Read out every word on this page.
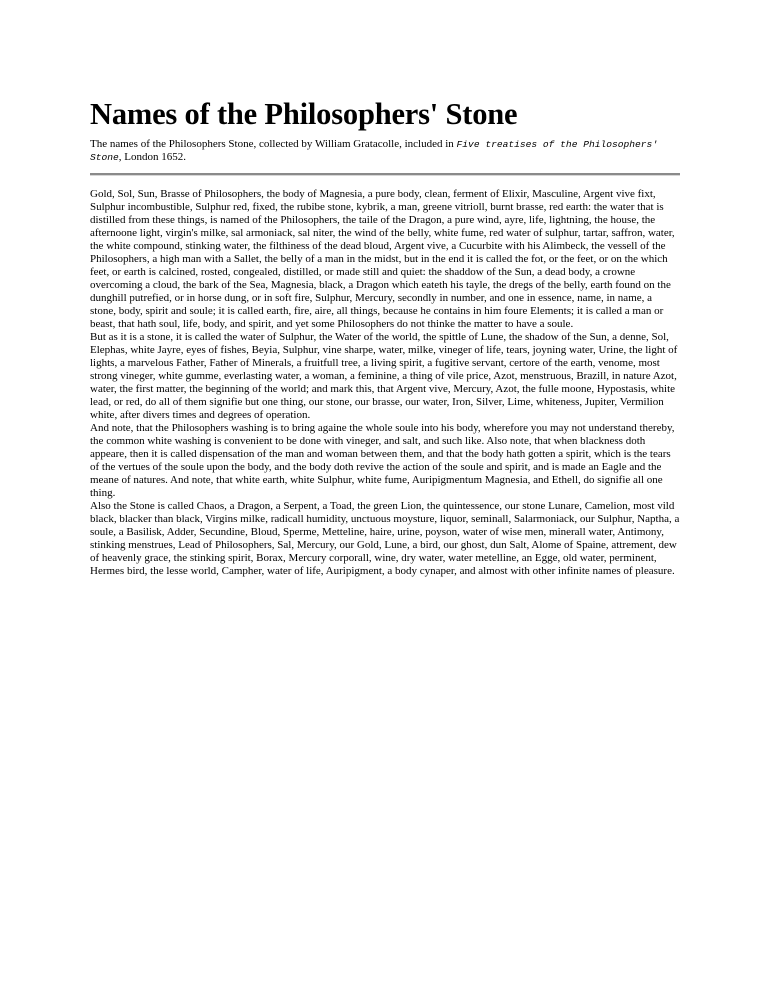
Names of the Philosophers' Stone

The names of the Philosophers Stone, collected by William Gratacolle, included in Five treatises of the Philosophers' Stone, London 1652.

Gold, Sol, Sun, Brasse of Philosophers, the body of Magnesia, a pure body, clean, ferment of Elixir, Masculine, Argent vive fixt, Sulphur incombustible, Sulphur red, fixed, the rubibe stone, kybrik, a man, greene vitrioll, burnt brasse, red earth: the water that is distilled from these things, is named of the Philosophers, the taile of the Dragon, a pure wind, ayre, life, lightning, the house, the afternoone light, virgin's milke, sal armoniack, sal niter, the wind of the belly, white fume, red water of sulphur, tartar, saffron, water, the white compound, stinking water, the filthiness of the dead bloud, Argent vive, a Cucurbite with his Alimbeck, the vessell of the Philosophers, a high man with a Sallet, the belly of a man in the midst, but in the end it is called the fot, or the feet, or on the which feet, or earth is calcined, rosted, congealed, distilled, or made still and quiet: the shaddow of the Sun, a dead body, a crowne overcoming a cloud, the bark of the Sea, Magnesia, black, a Dragon which eateth his tayle, the dregs of the belly, earth found on the dunghill putrefied, or in horse dung, or in soft fire, Sulphur, Mercury, secondly in number, and one in essence, name, in name, a stone, body, spirit and soule; it is called earth, fire, aire, all things, because he contains in him foure Elements; it is called a man or beast, that hath soul, life, body, and spirit, and yet some Philosophers do not thinke the matter to have a soule.

But as it is a stone, it is called the water of Sulphur, the Water of the world, the spittle of Lune, the shadow of the Sun, a denne, Sol, Elephas, white Jayre, eyes of fishes, Beyia, Sulphur, vine sharpe, water, milke, vineger of life, tears, joyning water, Urine, the light of lights, a marvelous Father, Father of Minerals, a fruitfull tree, a living spirit, a fugitive servant, certore of the earth, venome, most strong vineger, white gumme, everlasting water, a woman, a feminine, a thing of vile price, Azot, menstruous, Brazill, in nature Azot, water, the first matter, the beginning of the world; and mark this, that Argent vive, Mercury, Azot, the fulle moone, Hypostasis, white lead, or red, do all of them signifie but one thing, our stone, our brasse, our water, Iron, Silver, Lime, whiteness, Jupiter, Vermilion white, after divers times and degrees of operation.

And note, that the Philosophers washing is to bring againe the whole soule into his body, wherefore you may not understand thereby, the common white washing is convenient to be done with vineger, and salt, and such like. Also note, that when blackness doth appeare, then it is called dispensation of the man and woman between them, and that the body hath gotten a spirit, which is the tears of the vertues of the soule upon the body, and the body doth revive the action of the soule and spirit, and is made an Eagle and the meane of natures. And note, that white earth, white Sulphur, white fume, Auripigmentum Magnesia, and Ethell, do signifie all one thing.

Also the Stone is called Chaos, a Dragon, a Serpent, a Toad, the green Lion, the quintessence, our stone Lunare, Camelion, most vild black, blacker than black, Virgins milke, radicall humidity, unctuous moysture, liquor, seminall, Salarmoniack, our Sulphur, Naptha, a soule, a Basilisk, Adder, Secundine, Bloud, Sperme, Metteline, haire, urine, poyson, water of wise men, minerall water, Antimony, stinking menstrues, Lead of Philosophers, Sal, Mercury, our Gold, Lune, a bird, our ghost, dun Salt, Alome of Spaine, attrement, dew of heavenly grace, the stinking spirit, Borax, Mercury corporall, wine, dry water, water metelline, an Egge, old water, perminent, Hermes bird, the lesse world, Campher, water of life, Auripigment, a body cynaper, and almost with other infinite names of pleasure.
